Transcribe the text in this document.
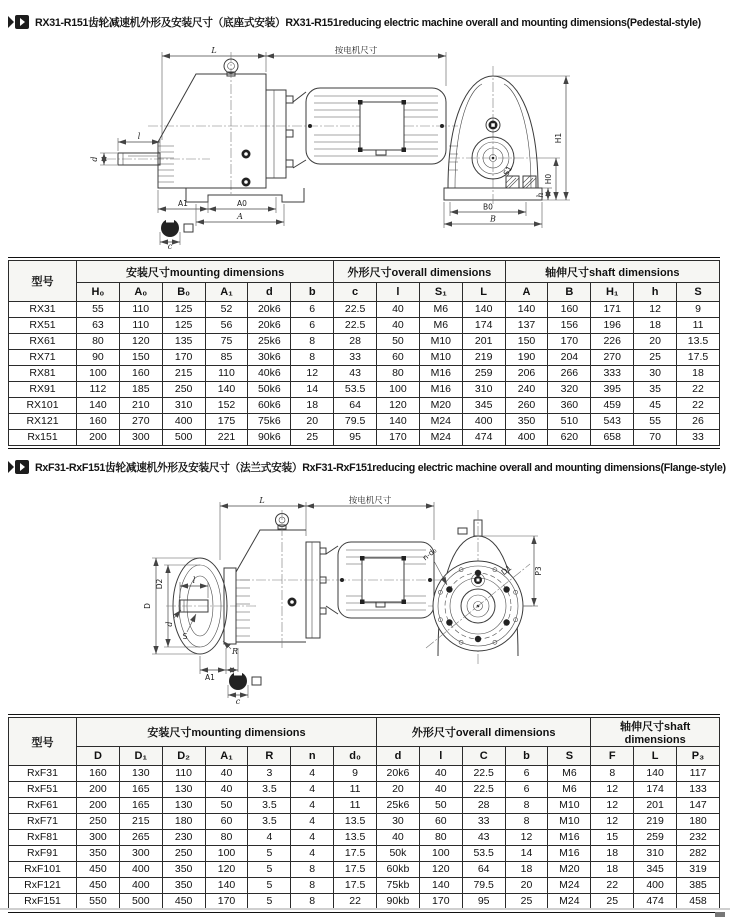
RX31-R151齿轮减速机外形及安装尺寸（底座式安装）RX31-R151reducing electric machine overall and mounting dimensions(Pedestal-style)
L	按电机尺寸
l
d
A1	A0
A
c
S1
h
H0
H1
B0
B
型号	安装尺寸mounting dimensions						外形尺寸overall dimensions				轴伸尺寸shaft dimensions				
	H₀	A₀	B₀	A₁	d	b	c	l	S₁	L	A	B	H₁	h	S
RX31	55	110	125	52	20k6	6	22.5	40	M6	140	140	160	171	12	9
RX51	63	110	125	56	20k6	6	22.5	40	M6	174	137	156	196	18	11
RX61	80	120	135	75	25k6	8	28	50	M10	201	150	170	226	20	13.5
RX71	90	150	170	85	30k6	8	33	60	M10	219	190	204	270	25	17.5
RX81	100	160	215	110	40k6	12	43	80	M16	259	206	266	333	30	18
RX91	112	185	250	140	50k6	14	53.5	100	M16	310	240	320	395	35	22
RX101	140	210	310	152	60k6	18	64	120	M20	345	260	360	459	45	22
RX121	160	270	400	175	75k6	20	79.5	140	M24	400	350	510	543	55	26
Rx151	200	300	500	221	90k6	25	95	170	M24	474	400	620	658	70	33
RxF31-RxF151齿轮减速机外形及安装尺寸（法兰式安装）RxF31-RxF151reducing electric machine overall and mounting dimensions(Flange-style)
L	按电机尺寸
D
D2	l
d
S
R
A1
c
D1
n-d₀
P3
型号	安装尺寸mounting dimensions							外形尺寸overall dimensions					轴伸尺寸shaft dimensions		
	D	D₁	D₂	A₁	R	n	d₀	d	l	C	b	S	F	L	P₃
RxF31	160	130	110	40	3	4	9	20k6	40	22.5	6	M6	8	140	117
RxF51	200	165	130	40	3.5	4	11	20	40	22.5	6	M6	12	174	133
RxF61	200	165	130	50	3.5	4	11	25k6	50	28	8	M10	12	201	147
RxF71	250	215	180	60	3.5	4	13.5	30	60	33	8	M10	12	219	180
RxF81	300	265	230	80	4	4	13.5	40	80	43	12	M16	15	259	232
RxF91	350	300	250	100	5	4	17.5	50k	100	53.5	14	M16	18	310	282
RxF101	450	400	350	120	5	8	17.5	60kb	120	64	18	M20	18	345	319
RxF121	450	400	350	140	5	8	17.5	75kb	140	79.5	20	M24	22	400	385
RxF151	550	500	450	170	5	8	22	90kb	170	95	25	M24	25	474	458
